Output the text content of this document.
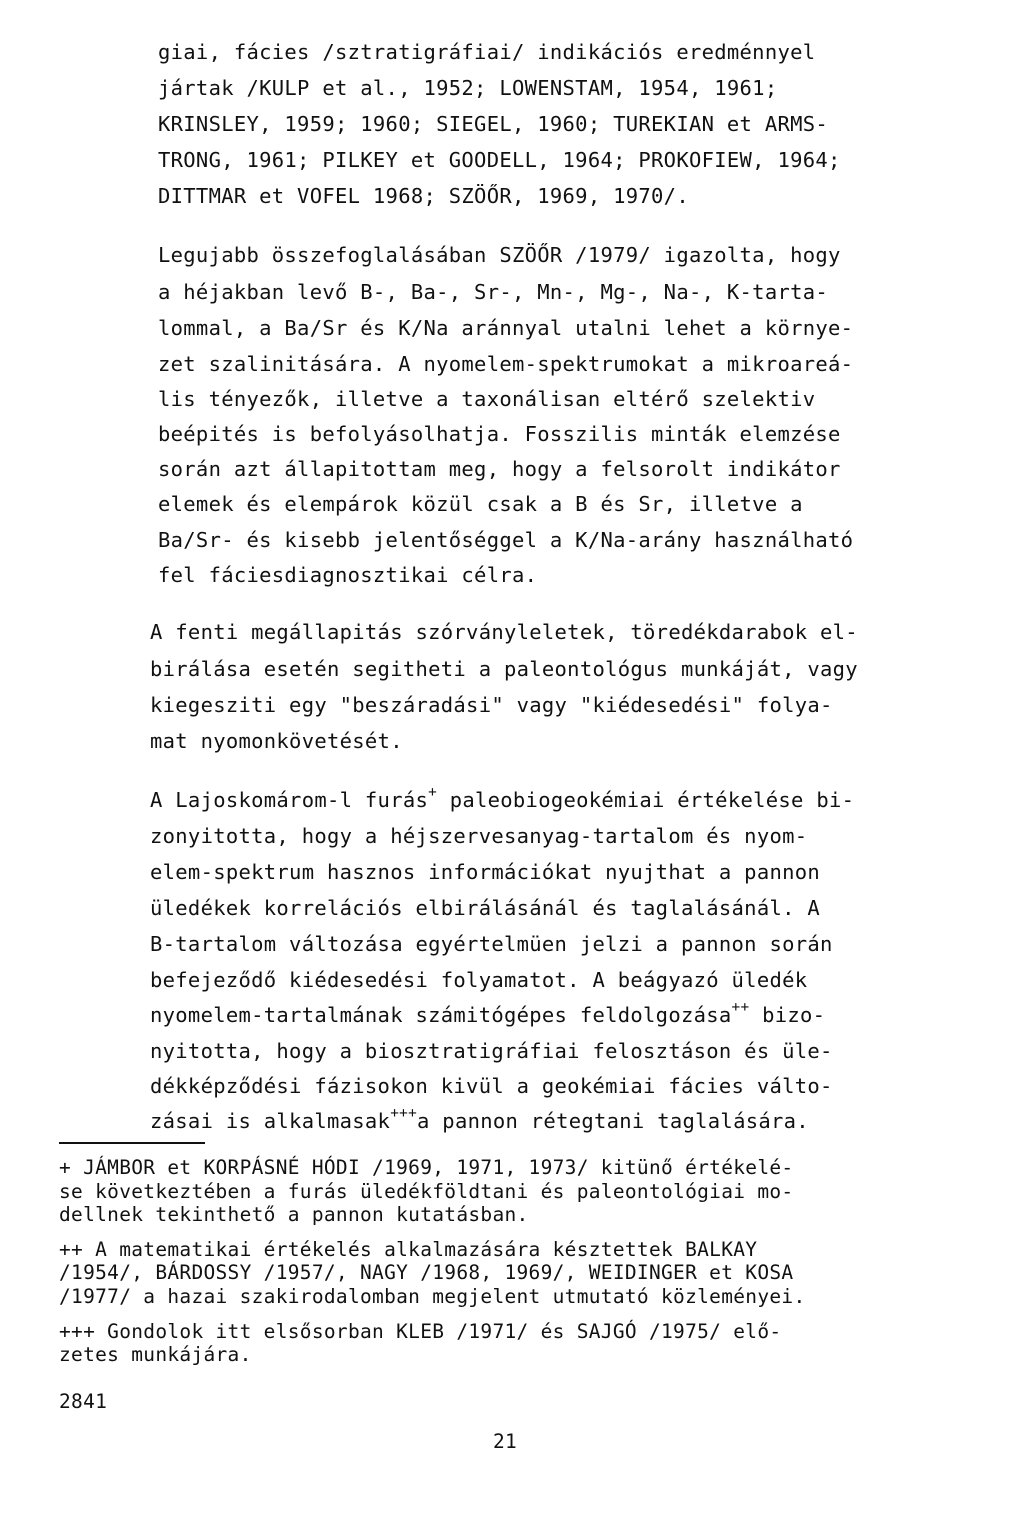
giai, fácies /sztratigráfiai/ indikációs eredménnyel
jártak /KULP et al., 1952; LOWENSTAM, 1954, 1961;
KRINSLEY, 1959; 1960; SIEGEL, 1960; TUREKIAN et ARMS-
TRONG, 1961; PILKEY et GOODELL, 1964; PROKOFIEW, 1964;
DITTMAR et VOFEL 1968; SZÖŐR, 1969, 1970/.
Legujabb összefoglalásában SZÖŐR /1979/ igazolta, hogy
a héjakban levő B-, Ba-, Sr-, Mn-, Mg-, Na-, K-tarta-
lommal, a Ba/Sr és K/Na aránnyal utalni lehet a környe-
zet szalinitására. A nyomelem-spektrumokat a mikroareá-
lis tényezők, illetve a taxonálisan eltérő szelektiv
beépités is befolyásolhatja. Fosszilis minták elemzése
során azt állapitottam meg, hogy a felsorolt indikátor
elemek és elempárok közül csak a B és Sr, illetve a
Ba/Sr- és kisebb jelentőséggel a K/Na-arány használható
fel fáciesdiagnosztikai célra.
A fenti megállapitás szórványleletek, töredékdarabok el-
birálása esetén segitheti a paleontológus munkáját, vagy
kiegesziti egy "beszáradási" vagy "kiédesedési" folya-
mat nyomonkövetését.
A Lajoskomárom-l furás+ paleobiogeokémiai értékelése bi-
zonyitotta, hogy a héjszervesanyag-tartalom és nyom-
elem-spektrum hasznos információkat nyujthat a pannon
üledékek korrelációs elbirálásánál és taglalásánál. A
B-tartalom változása egyértelmüen jelzi a pannon során
befejeződő kiédesedési folyamatot. A beágyazó üledék
nyomelem-tartalmának számitógépes feldolgozása++ bizo-
nyitotta, hogy a biosztratigráfiai felosztáson és üle-
dékképződési fázisokon kivül a geokémiai fácies válto-
zásai is alkalmasak+++a pannon rétegtani taglalására.
+ JÁMBOR et KORPÁSNÉ HÓDI /1969, 1971, 1973/ kitünő értékelé-
se következtében a furás üledékföldtani és paleontológiai mo-
dellnek tekinthető a pannon kutatásban.
++ A matematikai értékelés alkalmazására késztettek BALKAY
/1954/, BÁRDOSSY /1957/, NAGY /1968, 1969/, WEIDINGER et KOSA
/1977/ a hazai szakirodalomban megjelent utmutató közleményei.
+++ Gondolok itt elsősorban KLEB /1971/ és SAJGÓ /1975/ elő-
zetes munkájára.
2841
21
